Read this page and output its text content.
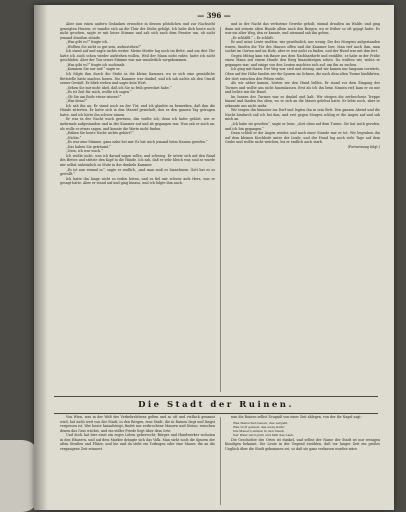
— 396 —

Aber nun einen andern Gedanken erwachte in dessen plötzlichen und zur Nachsicht geneigten Herzen; er wandte sich an die Thür der Stube gefolgt. Ich habe dich heute noch nicht gesehen, sagte er mit leiser Stimme und sah sich nach dem Fenster um, ob nicht jemand draußen stünde.

„Was gibt es?“ fragte ich.

„Wollten Sie nicht so gut sein, aufzustehen?“

Ich stand auf und sagte nichts weiter. Meine Mutter lag noch im Bette, und um drei Uhr hatte ich auch schon wieder aufstehen wollen. Weil der Mann nicht ruhte, hatte ich nicht geschlafen. Aber der Ton seiner Stimme war mir wunderlich vorgekommen.

„Was gibt es?“ fragte ich nochmals.

„Kommen Sie nur mit!“ sagte er.

Ich folgte ihm durch die Stube in die kleine Kammer, wo er sich eine gemütliche Bettstelle hatte machen lassen. Die Kammer war dunkel, und ich sah nichts als den Umriß seiner Gestalt. Er blieb stehen und sagte kein Wort.

„Sehen Sie mir nicht übel, daß ich Sie so früh gewecket habe.“

„Es ist Zeit für mich, wollte ich sagen.“

„Ob Sie am Ende etwas wissen?“

„Was denn?“

Ich sah ihn an. Er stand noch an der Tür, und ich glaubte zu bemerken, daß ihm die Hände zitterten. Er hatte sich in den Mantel gewickelt, den er den ganzen Tag getragen hatte, und ich hörte ihn schwer atmen.

Er war in der Nacht wach gewesen, das wußte ich; denn ich hatte gehört, wie er mehrmals aufgestanden und in der Kammer auf und ab gegangen war. Nun sah er mich an, als wolle er etwas sagen, und konnte die Worte nicht finden.

„Haben Sie heute Nacht nichts gehört?“

„Nichts.“

„Es war eine Stimme, ganz nahe bei mir. Es hat mich jemand beim Namen gerufen.“

„Das haben Sie geträumt.“

„Nein, ich war wach.“

Ich wußte nicht, was ich darauf sagen sollte, und schwieg. Er setzte sich auf den Rand des Bettes und stützte den Kopf in die Hände. Ich sah, daß er sehr bleich war, und es wurde mir selbst unheimlich zu Mute in der dunkeln Kammer.

„Es ist nun einmal so“, sagte er endlich, „und man muß es hinnehmen. Gott hat es so gewollt.“

Ich hatte ihn lange nicht so reden hören, und es fiel mir schwer aufs Herz, was er gesagt hatte. Aber er stand auf und ging hinaus, und ich folgte ihm nach.

und in der Nacht das verbotene Gewehr geholt, einmal draußen im Walde, und ging dann mit seinem alten Hunde allein nach den Bergen, wo er früher so oft gejagt hatte. Es war ein alter Weg, den er kannte, und niemand sah ihn gehen.

„Er schläfft.“ – Er schläft.

Er und seine Leute wußten, wie gewöhnlich, nur wenig. Die des Morgens aufgestanden waren, fanden die Tür des Hauses offen und die Kammer leer. Man rief nach ihm, man suchte im Garten und im Hofe, aber er war nicht zu finden, und der Hund war mit ihm fort.

Gegen Mittag kam ein Bauer aus dem Nachbardorfe und erzählte, er habe in der Frühe einen Mann mit einem Hunde den Berg hinaufsteigen sehen. Da wußten wir, wohin er gegangen war, und einige von den Leuten machten sich auf, um ihn zu suchen.

Ich ging mit ihnen. Der Weg war steil und steinig, und wir kamen nur langsam vorwärts. Oben auf der Höhe fanden wir die Spuren im Schnee, die nach dem alten Turme hinführten, der dort zwischen den Felsen steht.

Als wir näher kamen, hörten wir den Hund bellen. Er stand vor dem Eingang des Turmes und wollte uns nicht hineinlassen. Erst als ich ihn beim Namen rief, kam er zu mir und leckte mir die Hand.

Im Innern des Turmes war es dunkel und kalt. Wir stiegen die zerbrochene Treppe hinauf und fanden ihn oben, wo er sich an die Mauer gelehnt hatte. Er lebte noch, aber er erkannte uns nicht mehr.

Wir trugen ihn hinunter ins Dorf und legten ihn in sein Bett. Den ganzen Abend und die Nacht hindurch saß ich bei ihm, und erst gegen Morgen schlug er die Augen auf und sah mich an.

„Ich habe sie gesehen“, sagte er leise, „dort oben auf dem Turme. Sie hat mich gerufen, und ich bin gegangen.“

Dann schloß er die Augen wieder, und nach einer Stunde war er tot. Wir begruben ihn auf dem kleinen Kirchhofe unter der Linde, und der Hund lag noch viele Tage auf dem Grabe und wollte nicht weichen, bis er endlich auch starb.

(Fortsetzung folgt.)

Die Stadt der Ruinen.

Von Wien, was in der Welt des Verkehrslebens gelten und so oft und vielfach genannt wird, hat nicht weit von der Stadt, in den Bergen, eine Stadt, die in Ruinen liegt und längst vergessen ist. Wer heute hinaufsteigt, findet nur zerbrochene Mauern und Steine, zwischen denen das Gras wächst, und ein stiller Friede liegt über dem Orte.

Und doch hat hier einst ein reges Leben geherrscht; Bürger und Handwerker wohnten in den Häusern, und auf dem Markte drängte sich das Volk. Man sieht noch die Spuren der alten Straßen und Plätze, und hie und da steht ein Torbogen oder eine Mauer, die an die vergangene Zeit erinnert.

nun die Ruinen selbst Zeugniß von einer Zeit ablegen, von der ihr Nagel sagt:

Was Menschen bauen, das vergeht,
Was Gott gebaut, das ewig steht;
Die Mauern sinken in den Staub,
Der Wald wird grün und fällt das Laub.

Die Geschichte des Ortes ist dunkel, und selbst der Name der Stadt ist nur wenigen Kundigen bekannt. Die Leute in der Gegend erzählen, daß vor langer Zeit ein großes Unglück über die Stadt gekommen sei, so daß sie ganz verlassen worden wäre.
